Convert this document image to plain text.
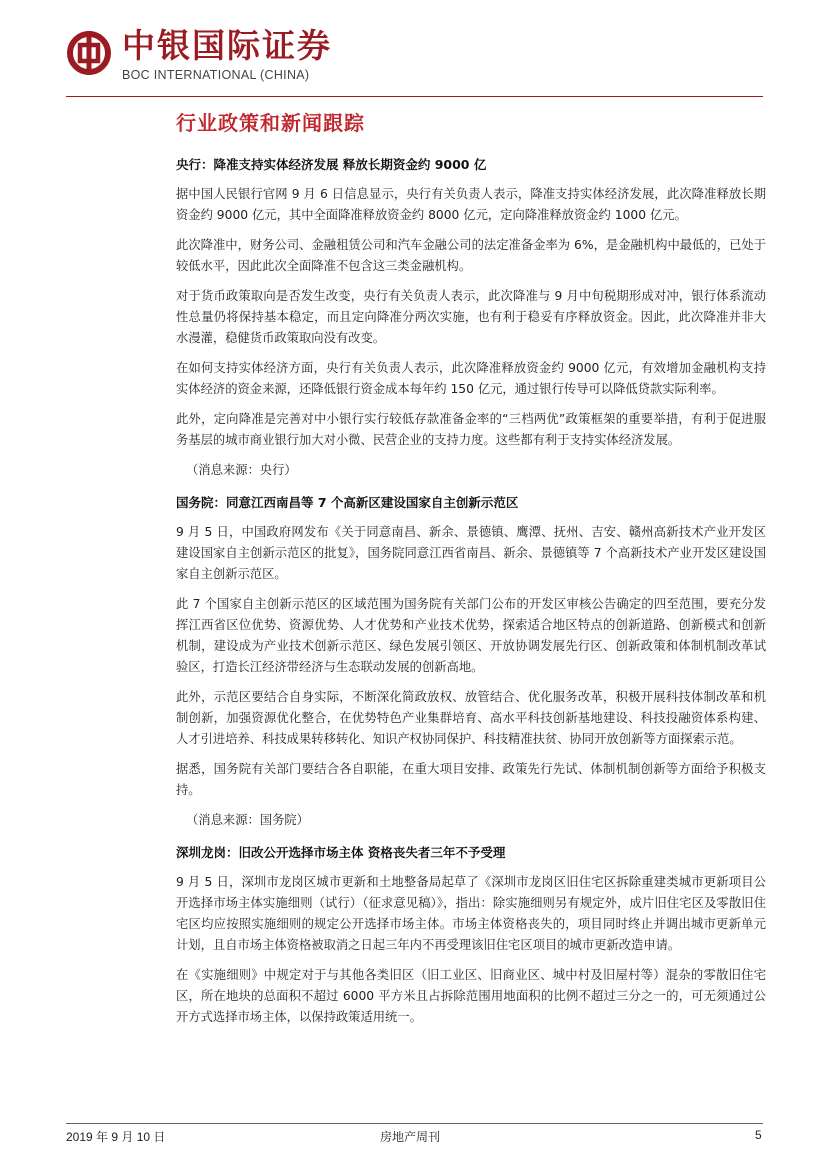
中银国际证券
BOC INTERNATIONAL (CHINA)
行业政策和新闻跟踪
央行：降准支持实体经济发展 释放长期资金约 9000 亿

据中国人民银行官网 9 月 6 日信息显示，央行有关负责人表示，降准支持实体经济发展，此次降准释放长期资金约 9000 亿元，其中全面降准释放资金约 8000 亿元，定向降准释放资金约 1000 亿元。

此次降准中，财务公司、金融租赁公司和汽车金融公司的法定准备金率为 6%，是金融机构中最低的，已处于较低水平，因此此次全面降准不包含这三类金融机构。

对于货币政策取向是否发生改变，央行有关负责人表示，此次降准与 9 月中旬税期形成对冲，银行体系流动性总量仍将保持基本稳定，而且定向降准分两次实施，也有利于稳妥有序释放资金。因此，此次降准并非大水漫灌，稳健货币政策取向没有改变。

在如何支持实体经济方面，央行有关负责人表示，此次降准释放资金约 9000 亿元，有效增加金融机构支持实体经济的资金来源，还降低银行资金成本每年约 150 亿元，通过银行传导可以降低贷款实际利率。

此外，定向降准是完善对中小银行实行较低存款准备金率的“三档两优”政策框架的重要举措，有利于促进服务基层的城市商业银行加大对小微、民营企业的支持力度。这些都有利于支持实体经济发展。

（消息来源：央行）
国务院：同意江西南昌等 7 个高新区建设国家自主创新示范区

9 月 5 日，中国政府网发布《关于同意南昌、新余、景德镇、鹰潭、抚州、吉安、赣州高新技术产业开发区建设国家自主创新示范区的批复》，国务院同意江西省南昌、新余、景德镇等 7 个高新技术产业开发区建设国家自主创新示范区。

此 7 个国家自主创新示范区的区域范围为国务院有关部门公布的开发区审核公告确定的四至范围，要充分发挥江西省区位优势、资源优势、人才优势和产业技术优势，探索适合地区特点的创新道路、创新模式和创新机制，建设成为产业技术创新示范区、绿色发展引领区、开放协调发展先行区、创新政策和体制机制改革试验区，打造长江经济带经济与生态联动发展的创新高地。

此外，示范区要结合自身实际，不断深化简政放权、放管结合、优化服务改革，积极开展科技体制改革和机制创新，加强资源优化整合，在优势特色产业集群培育、高水平科技创新基地建设、科技投融资体系构建、人才引进培养、科技成果转移转化、知识产权协同保护、科技精准扶贫、协同开放创新等方面探索示范。

据悉，国务院有关部门要结合各自职能，在重大项目安排、政策先行先试、体制机制创新等方面给予积极支持。

（消息来源：国务院）
深圳龙岗：旧改公开选择市场主体 资格丧失者三年不予受理

9 月 5 日，深圳市龙岗区城市更新和土地整备局起草了《深圳市龙岗区旧住宅区拆除重建类城市更新项目公开选择市场主体实施细则（试行）（征求意见稿）》，指出：除实施细则另有规定外，成片旧住宅区及零散旧住宅区均应按照实施细则的规定公开选择市场主体。市场主体资格丧失的，项目同时终止并调出城市更新单元计划，且自市场主体资格被取消之日起三年内不再受理该旧住宅区项目的城市更新改造申请。

在《实施细则》中规定对于与其他各类旧区（旧工业区、旧商业区、城中村及旧屋村等）混杂的零散旧住宅区，所在地块的总面积不超过 6000 平方米且占拆除范围用地面积的比例不超过三分之一的，可无须通过公开方式选择市场主体，以保持政策适用统一。

2019 年 9 月 10 日	房地产周刊	5
